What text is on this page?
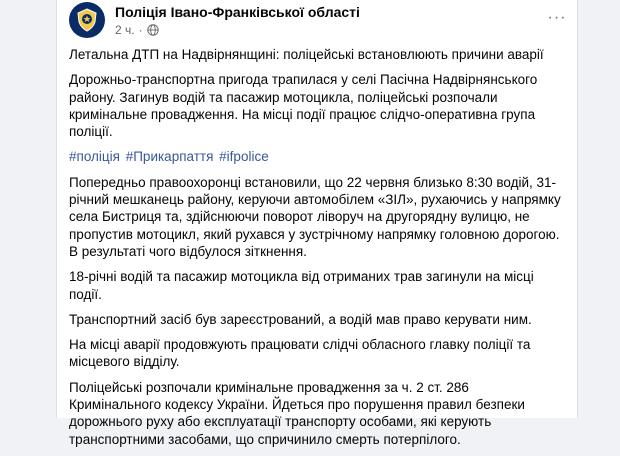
Поліція Івано-Франківської області
2 ч. ·
···

Летальна ДТП на Надвірнянщині: поліцейські встановлюють причини аварії

Дорожньо-транспортна пригода трапилася у селі Пасічна Надвірнянського району. Загинув водій та пасажир мотоцикла, поліцейські розпочали кримінальне провадження. На місці події працює слідчо-оперативна група поліції.

#поліція #Прикарпаття #ifpolice

Попередньо правоохоронці встановили, що 22 червня близько 8:30 водій, 31-річний мешканець району, керуючи автомобілем «ЗІЛ», рухаючись у напрямку села Бистриця та, здійснюючи поворот ліворуч на другорядну вулицю, не пропустив мотоцикл, який рухався у зустрічному напрямку головною дорогою. В результаті чого відбулося зіткнення.

18-річні водій та пасажир мотоцикла від отриманих трав загинули на місці події.

Транспортний засіб був зареєстрований, а водій мав право керувати ним.

На місці аварії продовжують працювати слідчі обласного главку поліції та місцевого відділу.

Поліцейські розпочали кримінальне провадження за ч. 2 ст. 286 Кримінального кодексу України. Йдеться про порушення правил безпеки дорожнього руху або експлуатації транспорту особами, які керують транспортними засобами, що спричинило смерть потерпілого.
